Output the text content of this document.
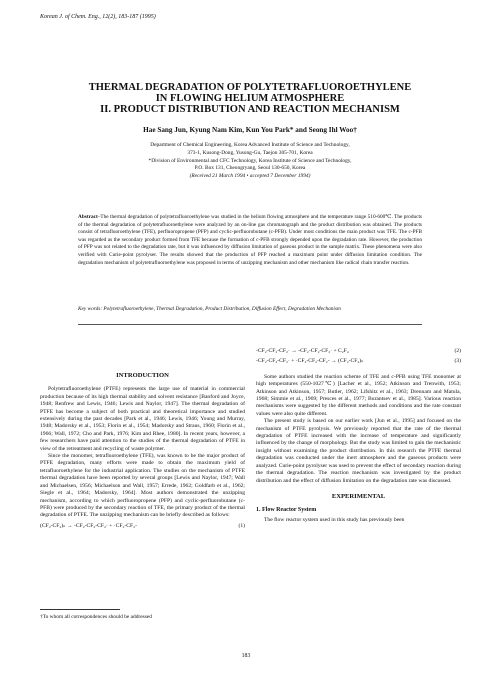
Korean J. of Chem. Eng., 12(2), 183-187 (1995)
THERMAL DEGRADATION OF POLYTETRAFLUOROETHYLENE
IN FLOWING HELIUM ATMOSPHERE
II. PRODUCT DISTRIBUTION AND REACTION MECHANISM
Hae Sang Jun, Kyung Nam Kim, Kun You Park* and Seong Ihl Woo†
Department of Chemical Engineering, Korea Advanced Institute of Science and Technology,
373-1, Kusong-Dong, Yusong-Gu, Taejon 305-701, Korea
*Division of Environmental and CFC Technology, Korea Institute of Science and Technology,
P.O. Box 131, Cheongryang, Seoul 130-650, Korea
(Received 21 March 1994 • accepted 7 December 1994)
Abstract–The thermal degradation of polytetrafluoroethylene was studied in the helium flowing atmosphere and the temperature range 510-600℃. The products of the thermal degradation of polytetrafluoroethylene were analyzed by an on-line gas chromatograph and the product distribution was obtained. The products consist of tetrafluoroethylene (TFE), perfluoropropene (PFP) and cyclic-perfluorobutane (c-PFB). Under most conditions the main product was TFE. The c-PFB was regarded as the secondary product formed from TFE because the formation of c-PFB strongly depended upon the degradation rate. However, the production of PFP was not related to the degradation rate, but it was influenced by diffusion limitation of gaseous product in the sample matrix. These phenomena were also verified with Curie-point pyrolyser. The results showed that the production of PFP reached a maximum point under diffusion limitation condition. The degradation mechanism of polytetrafluoroethylene was proposed in terms of unzipping mechanism and other mechanism like radical chain transfer reaction.
Key words: Polytetrafluoroethylene, Thermal Degradation, Product Distribution, Diffusion Effect, Degradation Mechanism

INTRODUCTION

Polytetrafluoroethylene (PTFE) represents the large use of material in commercial production because of its high thermal stability and solvent resistance [Banford and Joyce, 1948; Renfrew and Lewis, 1946; Lewis and Naylor, 1947]. The thermal degradation of PTFE has become a subject of both practical and theoretical importance and studied extensively during the past decades [Park et al., 1946; Lewis, 1946; Young and Murray, 1948; Madorsky et al., 1953; Florin et al., 1954; Madorsky and Straus, 1960; Florin et al., 1966; Wall, 1972; Cho and Park, 1976; Kim and Rhee, 1980]. In recent years, however, a few researchers have paid attention to the studies of the thermal degradation of PTFE in view of the retreatment and recycling of waste polymer.

Since the monomer, tetrafluoroethylene (TFE), was known to be the major product of PTFE degradation, many efforts were made to obtain the maximum yield of tetrafluoroethylene for the industrial application. The studies on the mechanism of PTFE thermal degradation have been reported by several groups [Lewis and Naylor, 1947; Wall and Michaelsen, 1956; Michaelson and Wall, 1957; Errede, 1962; Goldfarb et al., 1962; Siegle et al., 1964; Madorsky, 1964]. Most authors demonstrated the unzipping mechanism, according to which perfluoropropene (PFP) and cyclic-perfluorobutane (c-PFB) were produced by the secondary reaction of TFE, the primary product of the thermal degradation of PTFE. The unzipping mechanism can be briefly described as follows:

(CF₂-CF₂)ₙ → -CF₂-CF₂-CF₂· + ·CF₂-CF₂-	(1)
†To whom all correspondences should be addressed
-CF₂-CF₂-CF₂· → -CF₂-CF₂-CF₂· + C₂F₄	(2)
-CF₂-CF₂-CF₂· + ·CF₂-CF₂-CF₂- → (CF₂-CF₂)ₙ	(3)

Some authors studied the reaction scheme of TFE and c-PFB using TFE monomer at high temperatures (550-1027℃) [Lacher et al., 1952; Atkinson and Trenwith, 1953; Atkinson and Atkinson, 1957; Butler, 1962; Lifshitz et al., 1963; Drennam and Matula, 1968; Simmie et al., 1969; Presces et al., 1977; Burantsev et al., 1985]. Various reaction mechanisms were suggested by the different methods and conditions and the rate constant values were also quite different.

The present study is based on our earlier work [Jun et al., 1995] and focused on the mechanism of PTFE pyrolysis. We previously reported that the rate of the thermal degradation of PTFE increased with the increase of temperature and significantly influenced by the change of morphology. But the study was limited to gain the mechanistic insight without examining the product distribution. In this research the PTFE thermal degradation was conducted under the inert atmosphere and the gaseous products were analyzed. Curie-point pyrolyser was used to prevent the effect of secondary reaction during the thermal degradation. The reaction mechanism was investigated by the product distribution and the effect of diffusion limitation on the degradation rate was discussed.

EXPERIMENTAL

1. Flow Reactor System

The flow reactor system used in this study has previously been

183
